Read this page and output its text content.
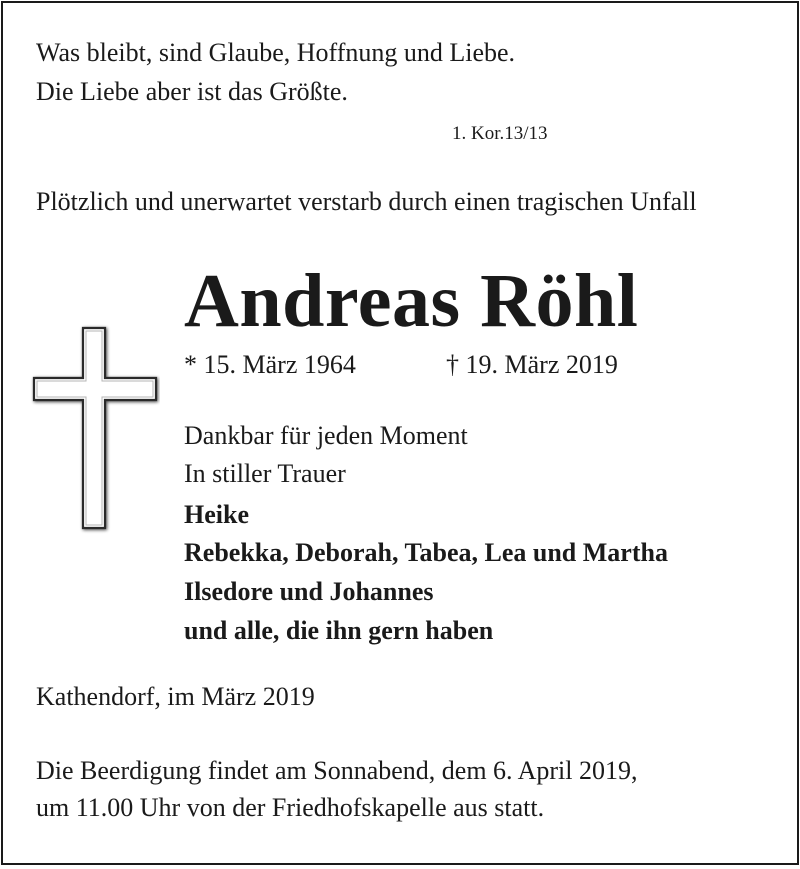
Was bleibt, sind Glaube, Hoffnung und Liebe.
Die Liebe aber ist das Größte.
1. Kor.13/13
Plötzlich und unerwartet verstarb durch einen tragischen Unfall
Andreas Röhl
* 15. März 1964	† 19. März 2019
Dankbar für jeden Moment
In stiller Trauer
Heike
Rebekka, Deborah, Tabea, Lea und Martha
Ilsedore und Johannes
und alle, die ihn gern haben
Kathendorf, im März 2019
Die Beerdigung findet am Sonnabend, dem 6. April 2019,
um 11.00 Uhr von der Friedhofskapelle aus statt.
